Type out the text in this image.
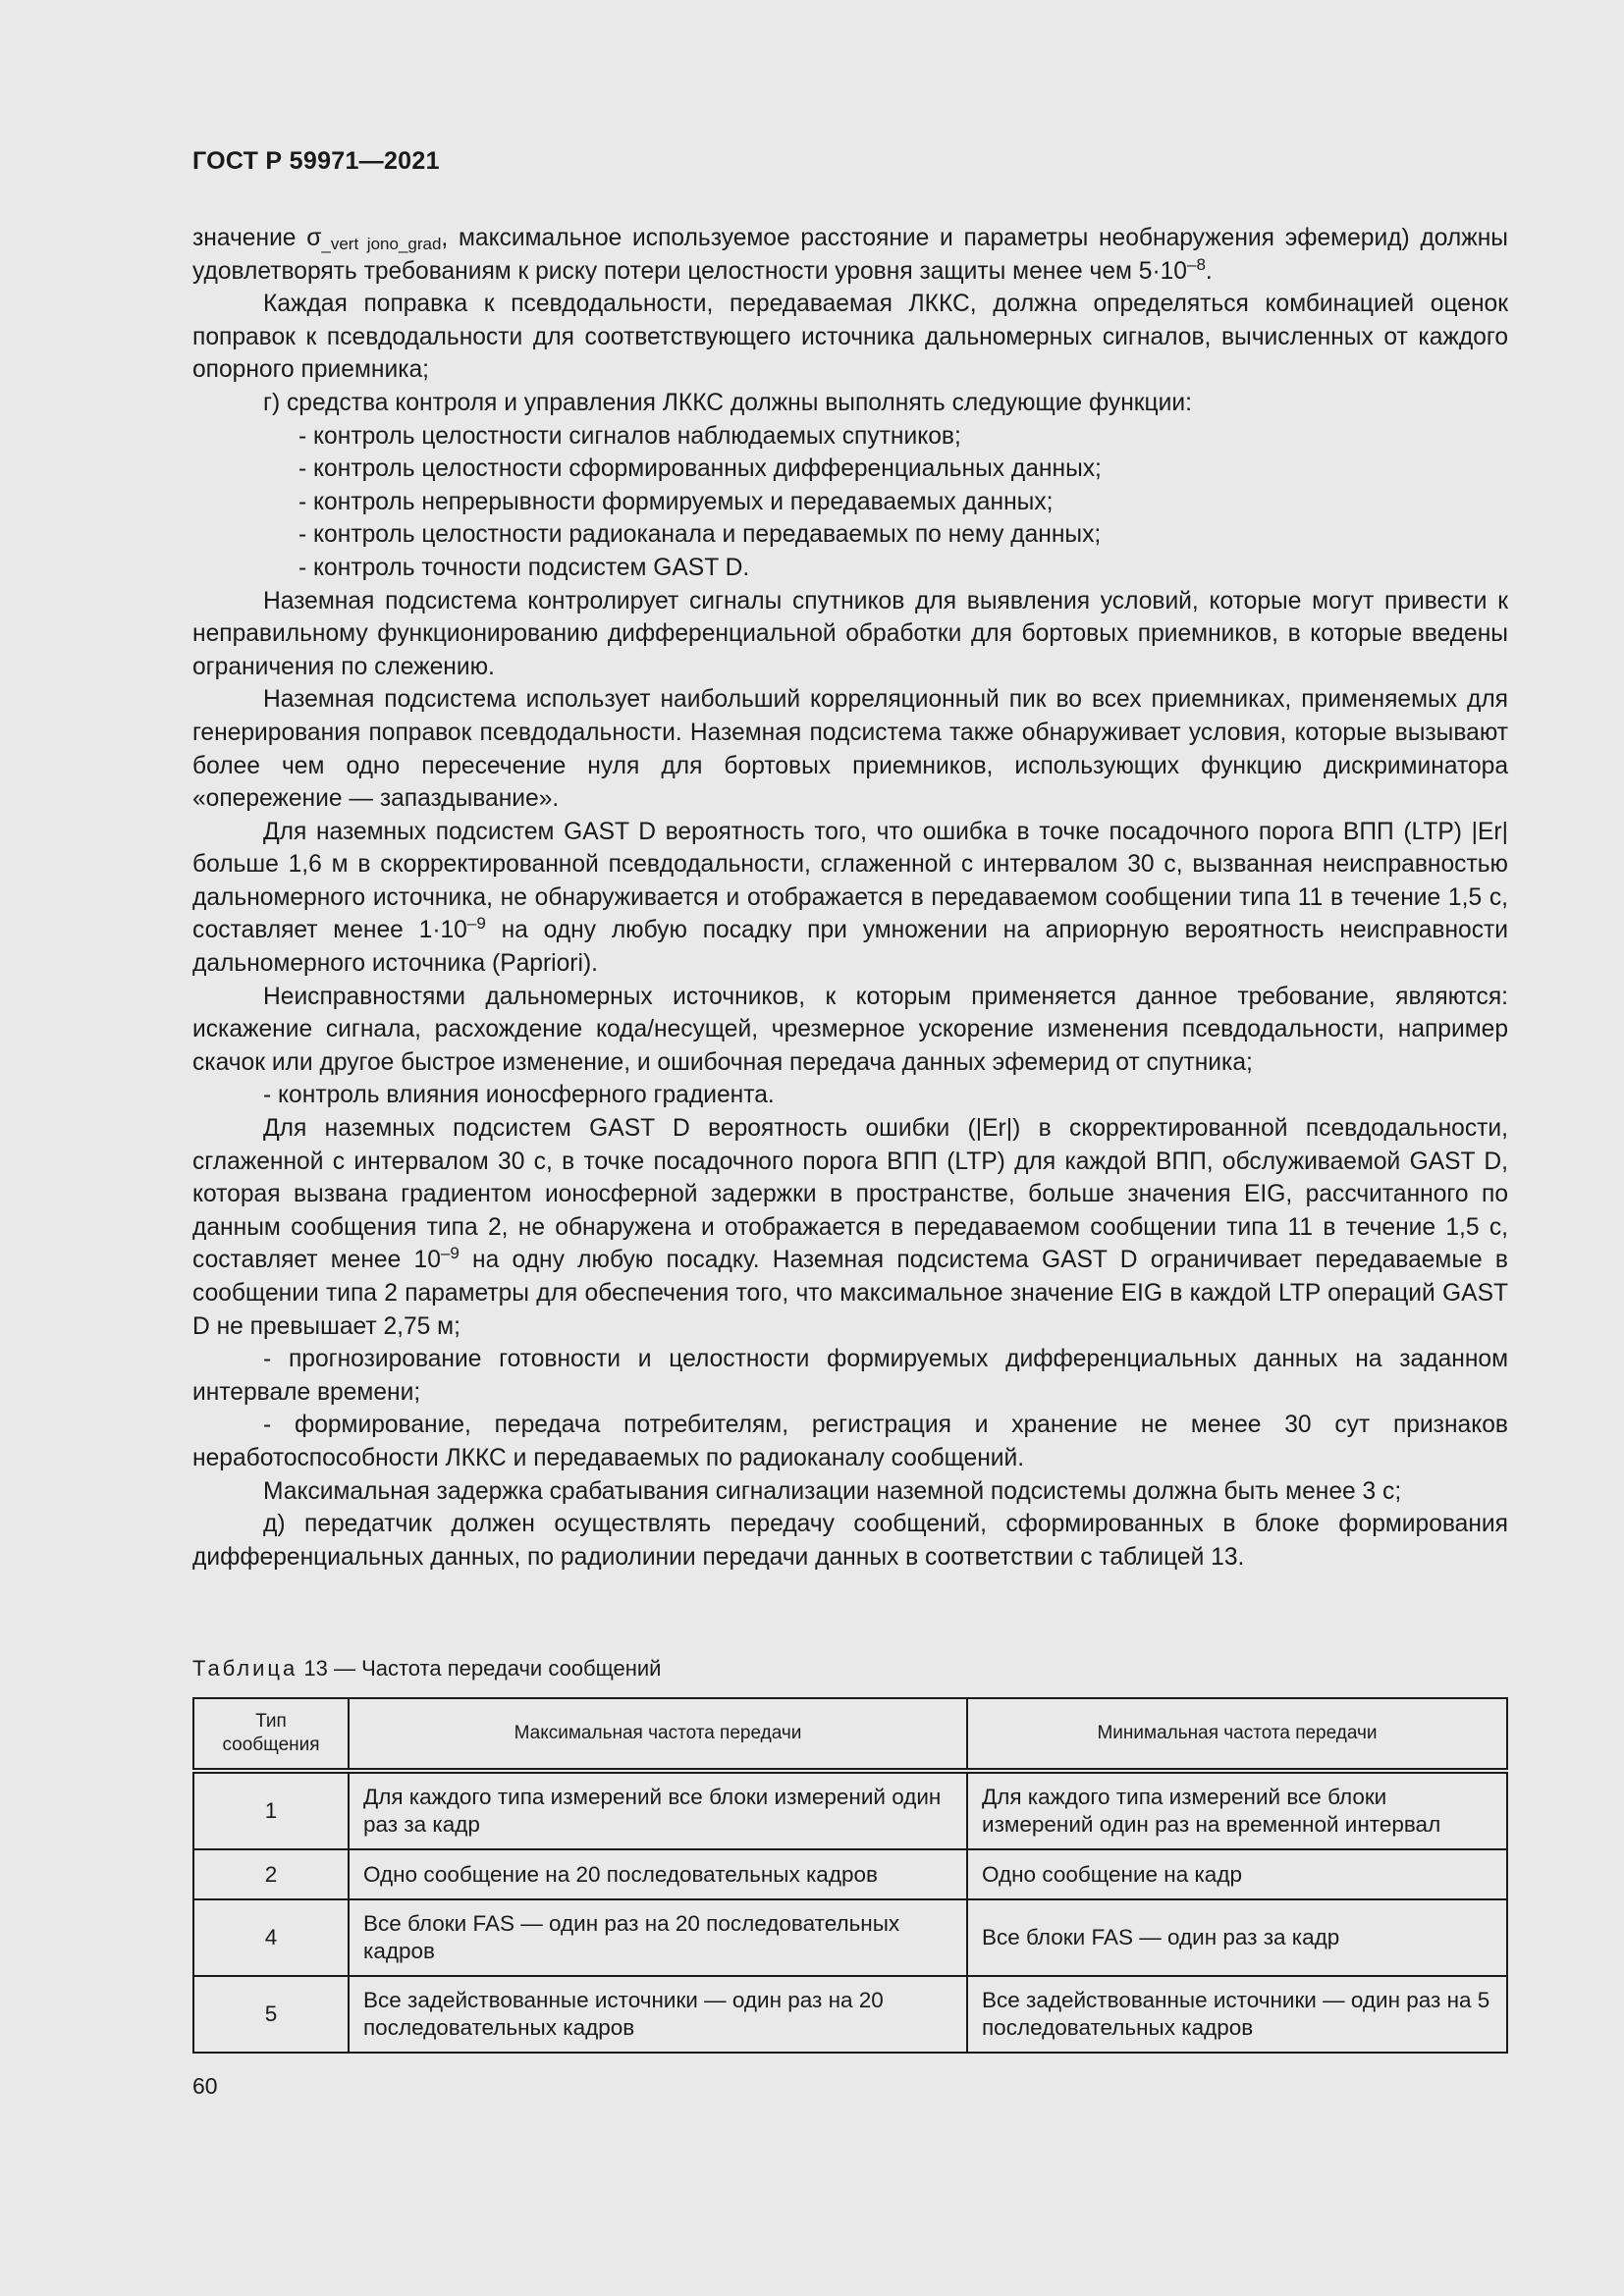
ГОСТ Р 59971—2021

значение $\sigma_{\_vert jono\_grad}$, максимальное используемое расстояние и параметры необнаружения эфемерид) должны удовлетворять требованиям к риску потери целостности уровня защиты менее чем $5\cdot 10^{-8}$.

Каждая поправка к псевдодальности, передаваемая ЛККС, должна определяться комбинацией оценок поправок к псевдодальности для соответствующего источника дальномерных сигналов, вычисленных от каждого опорного приемника;

г) средства контроля и управления ЛККС должны выполнять следующие функции:

- контроль целостности сигналов наблюдаемых спутников;

- контроль целостности сформированных дифференциальных данных;

- контроль непрерывности формируемых и передаваемых данных;

- контроль целостности радиоканала и передаваемых по нему данных;

- контроль точности подсистем GAST D.

Наземная подсистема контролирует сигналы спутников для выявления условий, которые могут привести к неправильному функционированию дифференциальной обработки для бортовых приемников, в которые введены ограничения по слежению.

Наземная подсистема использует наибольший корреляционный пик во всех приемниках, применяемых для генерирования поправок псевдодальности. Наземная подсистема также обнаруживает условия, которые вызывают более чем одно пересечение нуля для бортовых приемников, использующих функцию дискриминатора «опережение — запаздывание».

Для наземных подсистем GAST D вероятность того, что ошибка в точке посадочного порога ВПП (LTP) |Er| больше 1,6 м в скорректированной псевдодальности, сглаженной с интервалом 30 с, вызванная неисправностью дальномерного источника, не обнаруживается и отображается в передаваемом сообщении типа 11 в течение 1,5 с, составляет менее $1\cdot 10^{-9}$ на одну любую посадку при умножении на априорную вероятность неисправности дальномерного источника (Papriori).

Неисправностями дальномерных источников, к которым применяется данное требование, являются: искажение сигнала, расхождение кода/несущей, чрезмерное ускорение изменения псевдодальности, например скачок или другое быстрое изменение, и ошибочная передача данных эфемерид от спутника;

- контроль влияния ионосферного градиента.

Для наземных подсистем GAST D вероятность ошибки (|Er|) в скорректированной псевдодальности, сглаженной с интервалом 30 с, в точке посадочного порога ВПП (LTP) для каждой ВПП, обслуживаемой GAST D, которая вызвана градиентом ионосферной задержки в пространстве, больше значения EIG, рассчитанного по данным сообщения типа 2, не обнаружена и отображается в передаваемом сообщении типа 11 в течение 1,5 с, составляет менее $10^{-9}$ на одну любую посадку. Наземная подсистема GAST D ограничивает передаваемые в сообщении типа 2 параметры для обеспечения того, что максимальное значение EIG в каждой LTP операций GAST D не превышает 2,75 м;

- прогнозирование готовности и целостности формируемых дифференциальных данных на заданном интервале времени;

- формирование, передача потребителям, регистрация и хранение не менее 30 сут признаков неработоспособности ЛККС и передаваемых по радиоканалу сообщений.

Максимальная задержка срабатывания сигнализации наземной подсистемы должна быть менее 3 с;

д) передатчик должен осуществлять передачу сообщений, сформированных в блоке формирования дифференциальных данных, по радиолинии передачи данных в соответствии с таблицей 13.

Таблица 13 — Частота передачи сообщений
Тип сообщения	Максимальная частота передачи	Минимальная частота передачи
1	Для каждого типа измерений все блоки измерений один раз за кадр	Для каждого типа измерений все блоки измерений один раз на временной интервал
2	Одно сообщение на 20 последовательных кадров	Одно сообщение на кадр
4	Все блоки FAS — один раз на 20 последовательных кадров	Все блоки FAS — один раз за кадр
5	Все задействованные источники — один раз на 20 последовательных кадров	Все задействованные источники — один раз на 5 последовательных кадров
60
